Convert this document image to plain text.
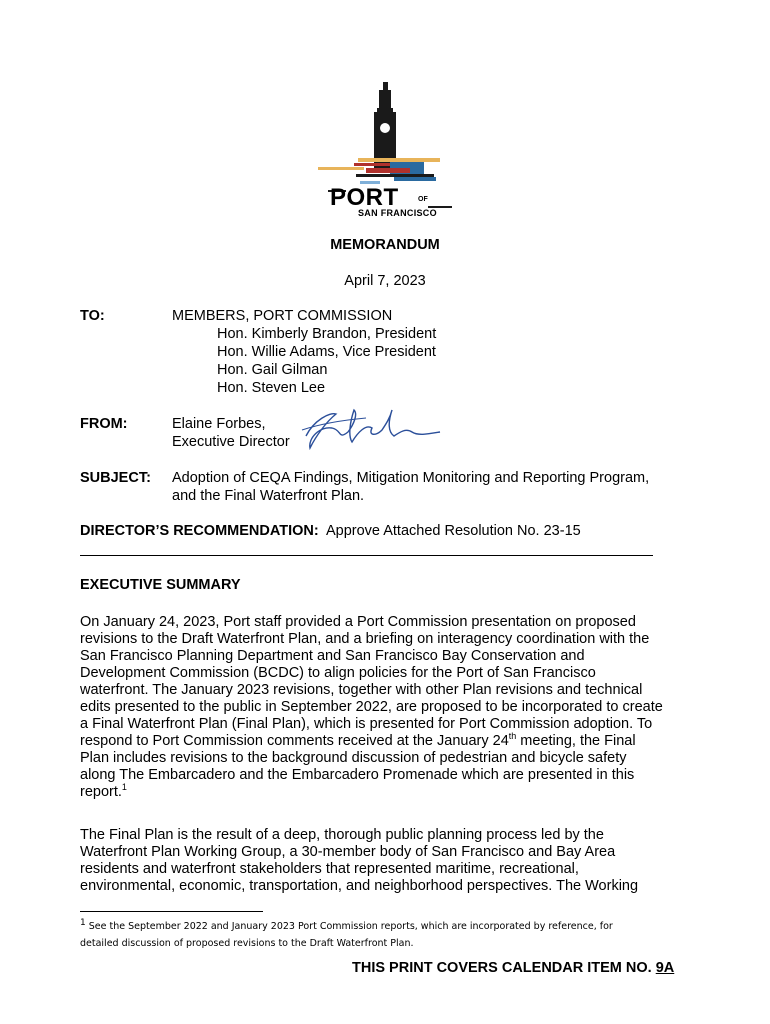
PORT	OF
SAN FRANCISCO
MEMORANDUM
April 7, 2023
TO:	MEMBERS, PORT COMMISSION
Hon. Kimberly Brandon, President
Hon. Willie Adams, Vice President
Hon. Gail Gilman
Hon. Steven Lee
FROM:	Elaine Forbes,
Executive Director
SUBJECT: Adoption of CEQA Findings, Mitigation Monitoring and Reporting Program,
and the Final Waterfront Plan.
DIRECTOR’S RECOMMENDATION: Approve Attached Resolution No. 23-15
EXECUTIVE SUMMARY
On January 24, 2023, Port staff provided a Port Commission presentation on proposed
revisions to the Draft Waterfront Plan, and a briefing on interagency coordination with the
San Francisco Planning Department and San Francisco Bay Conservation and
Development Commission (BCDC) to align policies for the Port of San Francisco
waterfront. The January 2023 revisions, together with other Plan revisions and technical
edits presented to the public in September 2022, are proposed to be incorporated to create
a Final Waterfront Plan (Final Plan), which is presented for Port Commission adoption. To
respond to Port Commission comments received at the January 24th meeting, the Final
Plan includes revisions to the background discussion of pedestrian and bicycle safety
along The Embarcadero and the Embarcadero Promenade which are presented in this
report.$^1$
The Final Plan is the result of a deep, thorough public planning process led by the
Waterfront Plan Working Group, a 30-member body of San Francisco and Bay Area
residents and waterfront stakeholders that represented maritime, recreational,
environmental, economic, transportation, and neighborhood perspectives. The Working
$^1$ See the September 2022 and January 2023 Port Commission reports, which are incorporated by reference, for
detailed discussion of proposed revisions to the Draft Waterfront Plan.
THIS PRINT COVERS CALENDAR ITEM NO. 9A
